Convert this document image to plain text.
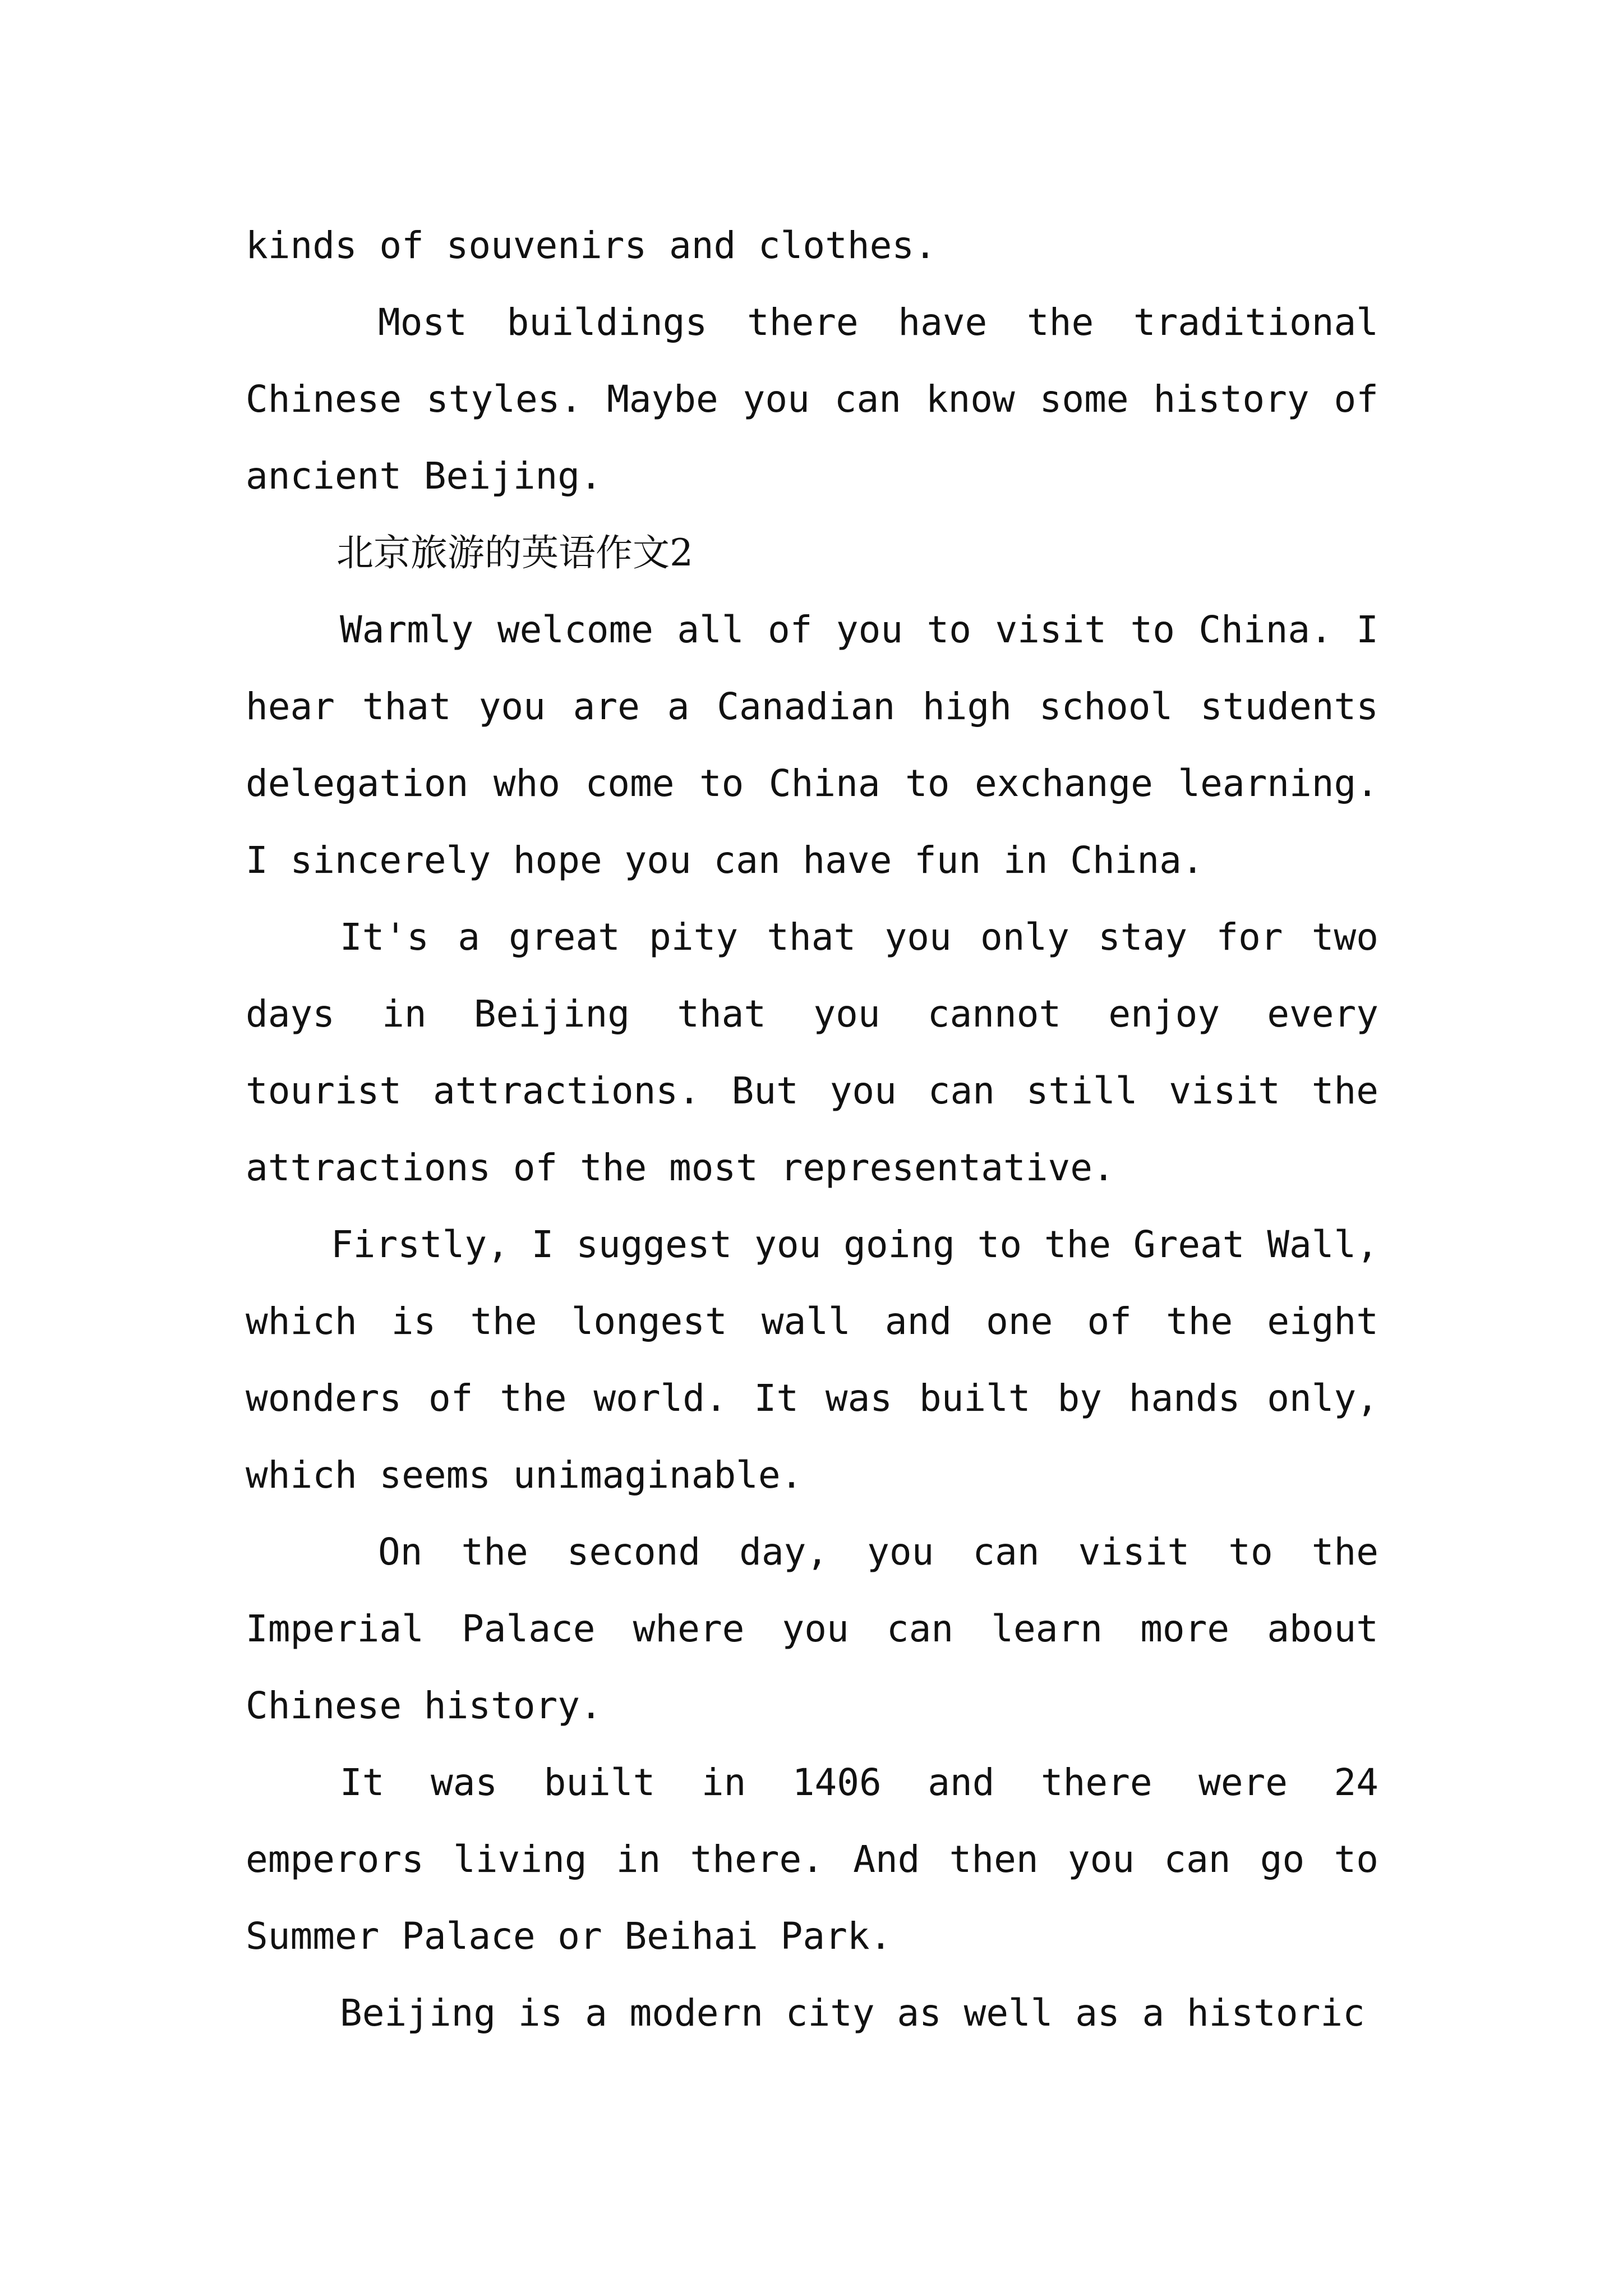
kinds of souvenirs and clothes.

Most buildings there have the traditional Chinese styles. Maybe you can know some history of ancient Beijing.

北京旅游的英语作文2

Warmly welcome all of you to visit to China. I hear that you are a Canadian high school students delegation who come to China to exchange learning. I sincerely hope you can have fun in China.

It's a great pity that you only stay for two days in Beijing that you cannot enjoy every tourist attractions. But you can still visit the attractions of the most representative.

Firstly, I suggest you going to the Great Wall, which is the longest wall and one of the eight wonders of the world. It was built by hands only, which seems unimaginable.

On the second day, you can visit to the Imperial Palace where you can learn more about Chinese history.

It was built in 1406 and there were 24 emperors living in there. And then you can go to Summer Palace or Beihai Park.

Beijing is a modern city as well as a historic
